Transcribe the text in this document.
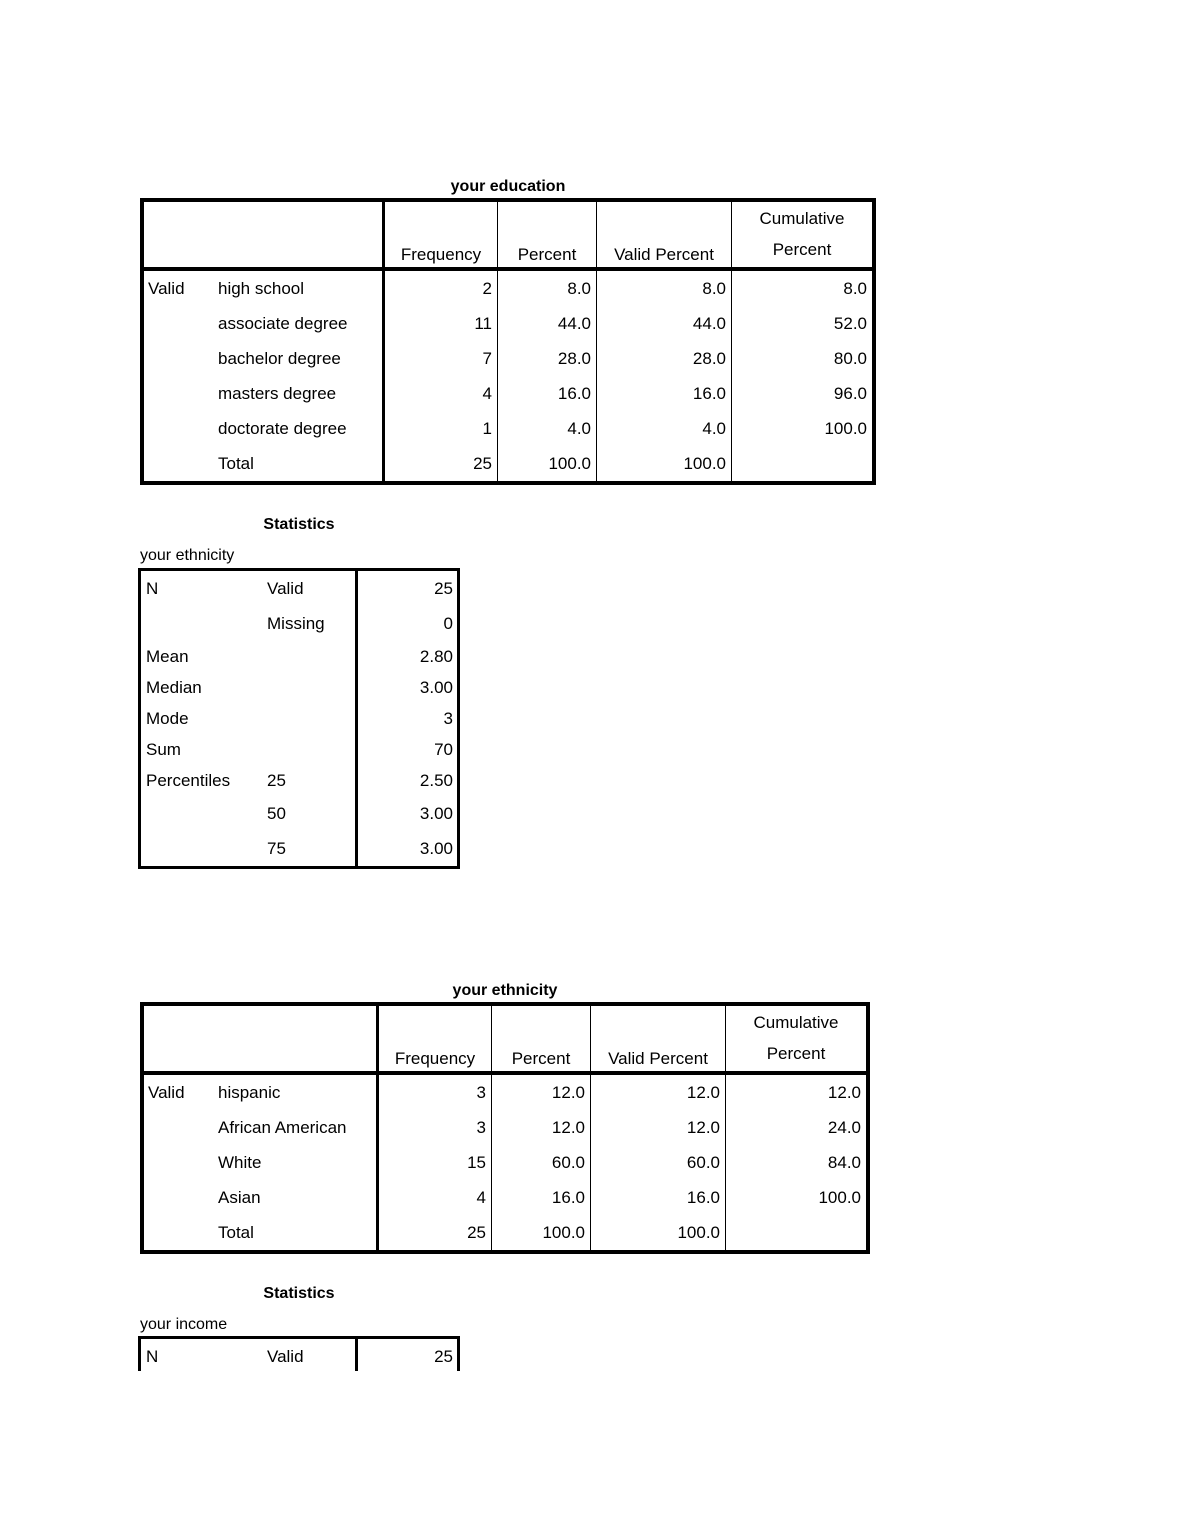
your education
		Frequency	Percent	Valid Percent	Cumulative
Percent
Valid	high school	2	8.0	8.0	8.0
	associate degree	11	44.0	44.0	52.0
	bachelor degree	7	28.0	28.0	80.0
	masters degree	4	16.0	16.0	96.0
	doctorate degree	1	4.0	4.0	100.0
	Total	25	100.0	100.0	
Statistics
your ethnicity
N	Valid	25
	Missing	0
Mean		2.80
Median		3.00
Mode		3
Sum		70
Percentiles	25	2.50
	50	3.00
	75	3.00
your ethnicity
		Frequency	Percent	Valid Percent	Cumulative
Percent
Valid	hispanic	3	12.0	12.0	12.0
	African American	3	12.0	12.0	24.0
	White	15	60.0	60.0	84.0
	Asian	4	16.0	16.0	100.0
	Total	25	100.0	100.0	
Statistics
your income
N	Valid	25
